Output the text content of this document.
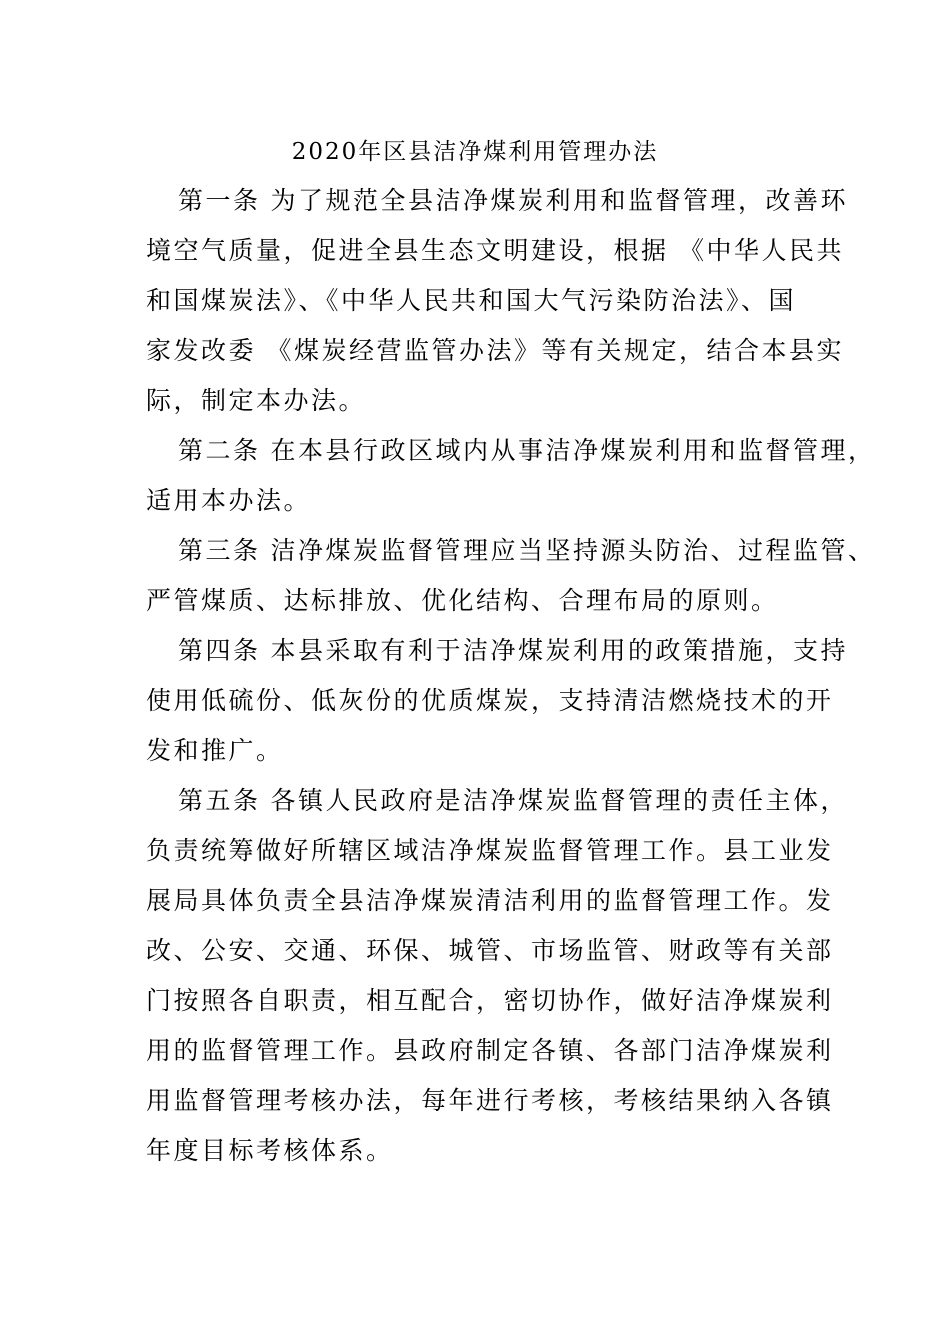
2020年区县洁净煤利用管理办法
第一条 为了规范全县洁净煤炭利用和监督管理，改善环
境空气质量，促进全县生态文明建设，根据 《中华人民共
和国煤炭法》、《中华人民共和国大气污染防治法》、国
家发改委 《煤炭经营监管办法》等有关规定，结合本县实
际，制定本办法。
第二条 在本县行政区域内从事洁净煤炭利用和监督管理，
适用本办法。
第三条 洁净煤炭监督管理应当坚持源头防治、过程监管、
严管煤质、达标排放、优化结构、合理布局的原则。
第四条 本县采取有利于洁净煤炭利用的政策措施，支持
使用低硫份、低灰份的优质煤炭，支持清洁燃烧技术的开
发和推广。
第五条 各镇人民政府是洁净煤炭监督管理的责任主体，
负责统筹做好所辖区域洁净煤炭监督管理工作。县工业发
展局具体负责全县洁净煤炭清洁利用的监督管理工作。发
改、公安、交通、环保、城管、市场监管、财政等有关部
门按照各自职责，相互配合，密切协作，做好洁净煤炭利
用的监督管理工作。县政府制定各镇、各部门洁净煤炭利
用监督管理考核办法，每年进行考核，考核结果纳入各镇
年度目标考核体系。
